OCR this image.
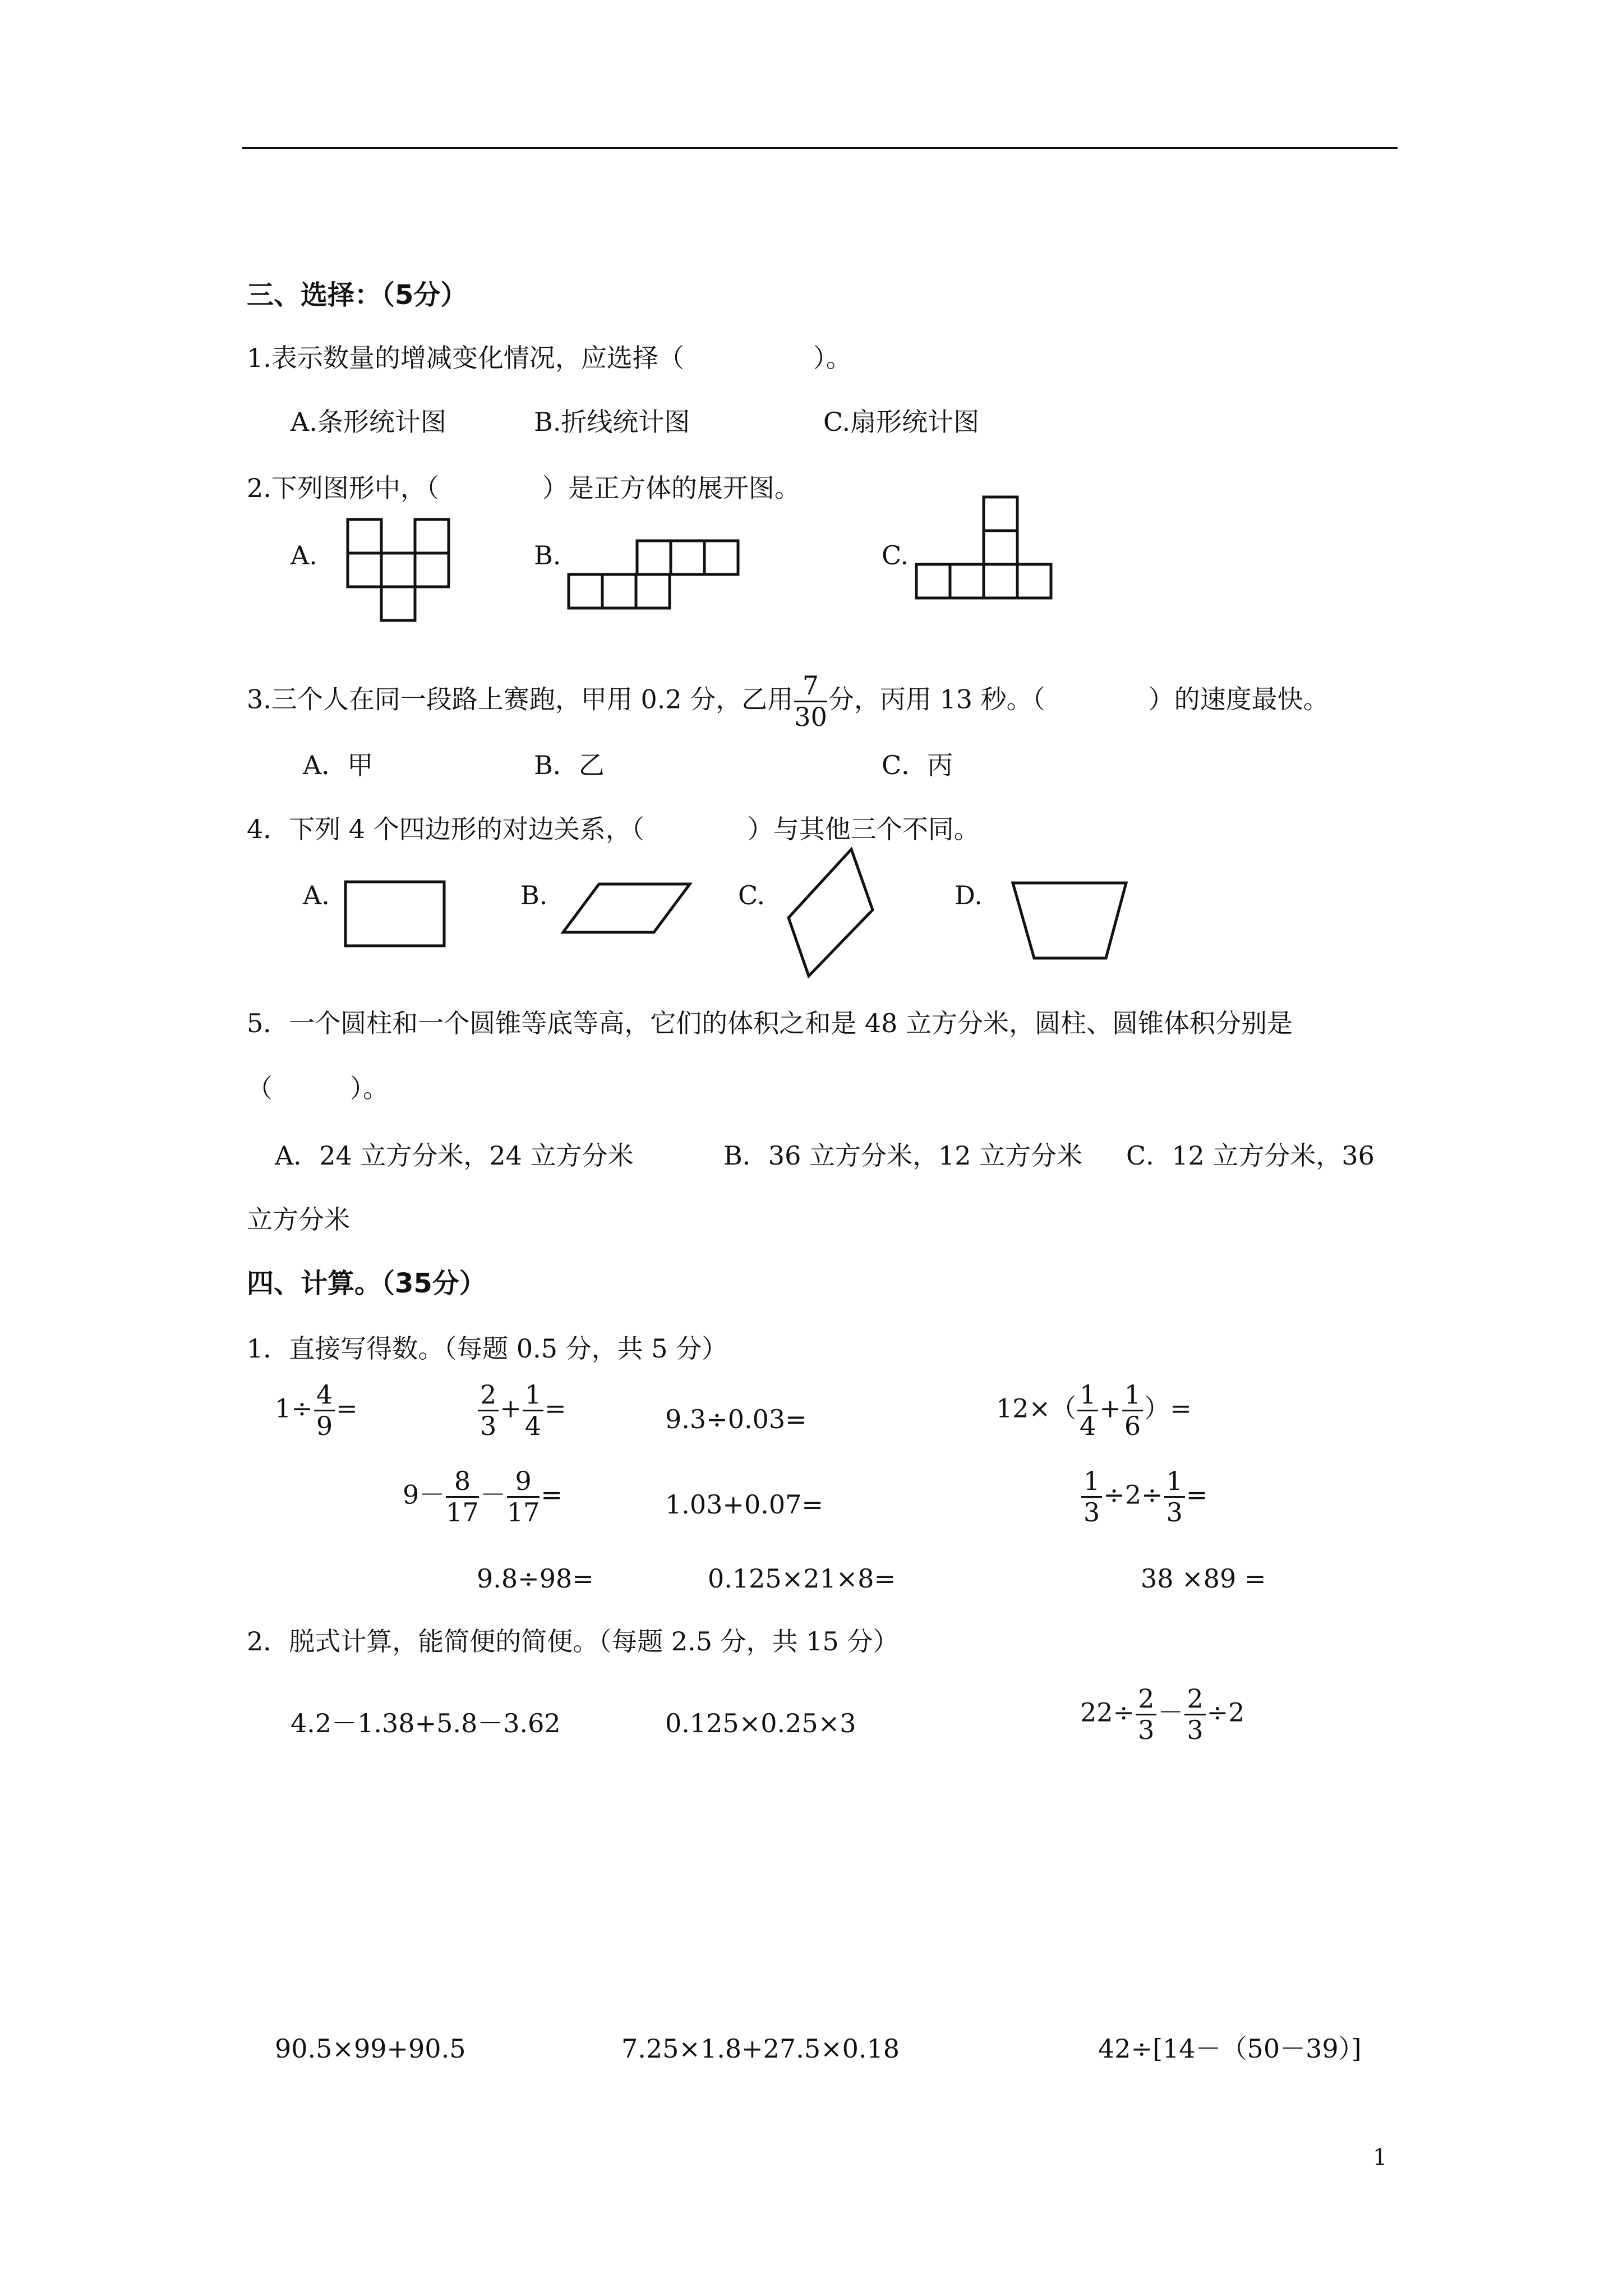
三、选择：（5分）
1.表示数量的增减变化情况，应选择（　　　　　）。
A.条形统计图	B.折线统计图	C.扇形统计图
2.下列图形中，（　　　　）是正方体的展开图。
A.	B.	C.
3.三个人在同一段路上赛跑，甲用 0.2 分，乙用 $\frac{7}{30}$ 分，丙用 13 秒。（　　　　）的速度最快。
A．甲	B．乙	C．丙
4．下列 4 个四边形的对边关系，（　　　　）与其他三个不同。
A.	B.	C.	D.
5．一个圆柱和一个圆锥等底等高，它们的体积之和是 48 立方分米，圆柱、圆锥体积分别是
（　　　）。
A．24 立方分米，24 立方分米	B．36 立方分米，12 立方分米 C．12 立方分米，36
立方分米
四、计算。（35分）
1．直接写得数。（每题 0.5 分，共 5 分）
$1\div \frac{4}{9}$ =	$\frac{2}{3} + \frac{1}{4}$ =	9.3÷0.03=	$12\times( \frac{1}{4} + \frac{1}{6}$ ）=
$9- \frac{8}{17} - \frac{9}{17}$ =	1.03+0.07=	$\frac{1}{3} \div 2\div \frac{1}{3}$ =
9.8÷98=	0.125×21×8=	38 ×89 =
2．脱式计算，能简便的简便。（每题 2.5 分，共 15 分）
4.2－1.38+5.8－3.62	0.125×0.25×3	$22\div \frac{2}{3} - \frac{2}{3} \div 2$
90.5×99+90.5	7.25×1.8+27.5×0.18	42÷[14－（50－39）]
1
